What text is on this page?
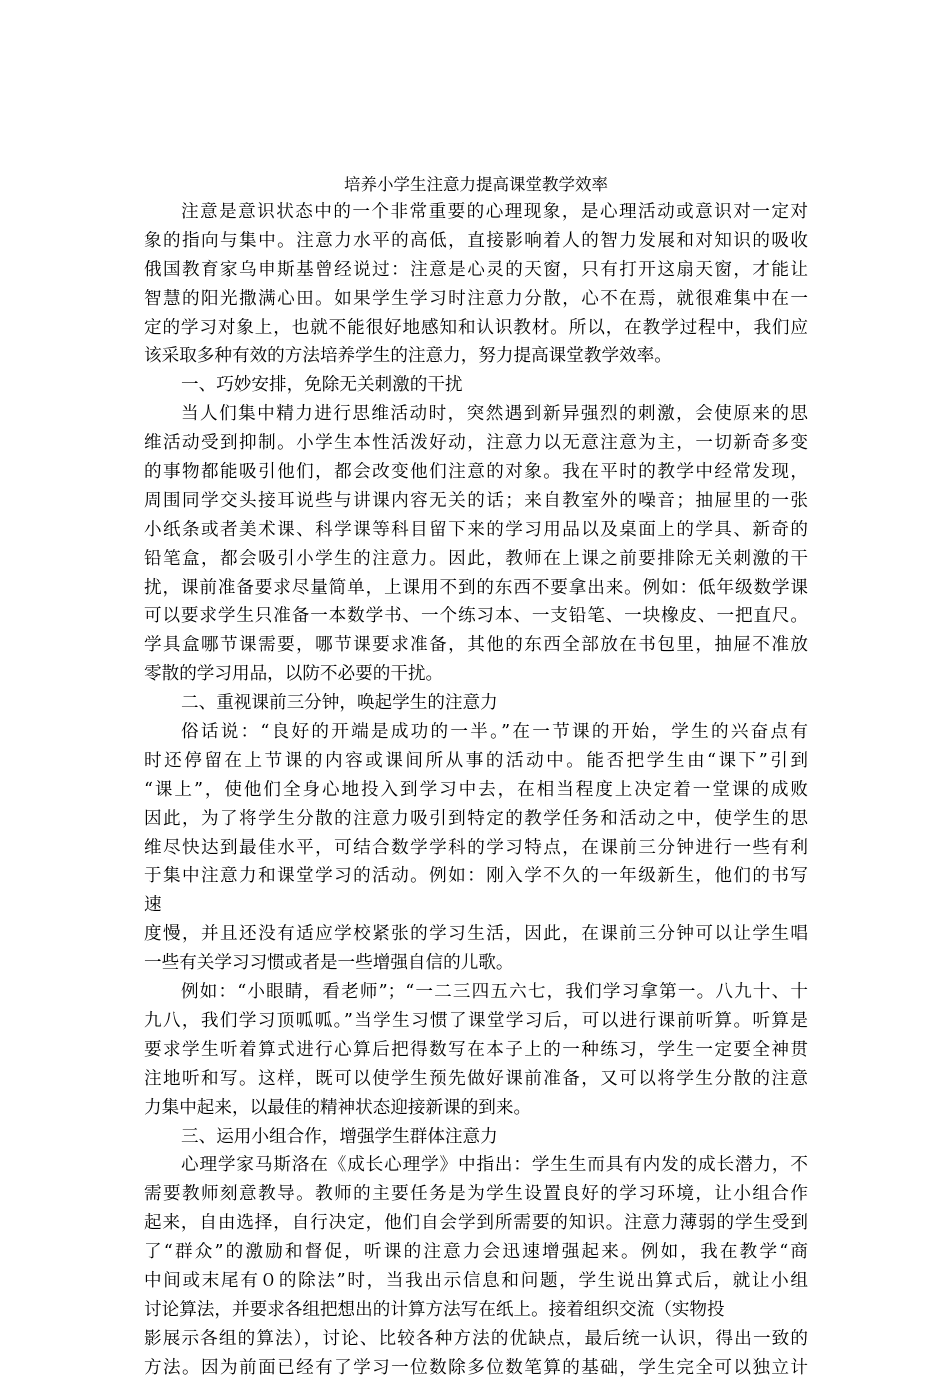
培养小学生注意力提高课堂教学效率
注意是意识状态中的一个非常重要的心理现象，是心理活动或意识对一定对
象的指向与集中。注意力水平的高低，直接影响着人的智力发展和对知识的吸收
俄国教育家乌申斯基曾经说过：注意是心灵的天窗，只有打开这扇天窗，才能让
智慧的阳光撒满心田。如果学生学习时注意力分散，心不在焉，就很难集中在一
定的学习对象上，也就不能很好地感知和认识教材。所以，在教学过程中，我们应
该采取多种有效的方法培养学生的注意力，努力提高课堂教学效率。
一、巧妙安排，免除无关刺激的干扰
当人们集中精力进行思维活动时，突然遇到新异强烈的刺激，会使原来的思
维活动受到抑制。小学生本性活泼好动，注意力以无意注意为主，一切新奇多变
的事物都能吸引他们，都会改变他们注意的对象。我在平时的教学中经常发现，
周围同学交头接耳说些与讲课内容无关的话；来自教室外的噪音；抽屉里的一张
小纸条或者美术课、科学课等科目留下来的学习用品以及桌面上的学具、新奇的
铅笔盒，都会吸引小学生的注意力。因此，教师在上课之前要排除无关刺激的干
扰，课前准备要求尽量简单，上课用不到的东西不要拿出来。例如：低年级数学课
可以要求学生只准备一本数学书、一个练习本、一支铅笔、一块橡皮、一把直尺。
学具盒哪节课需要，哪节课要求准备，其他的东西全部放在书包里，抽屉不准放
零散的学习用品，以防不必要的干扰。
二、重视课前三分钟，唤起学生的注意力
俗话说：“良好的开端是成功的一半。”在一节课的开始，学生的兴奋点有
时还停留在上节课的内容或课间所从事的活动中。能否把学生由“课下”引到
“课上”，使他们全身心地投入到学习中去，在相当程度上决定着一堂课的成败
因此，为了将学生分散的注意力吸引到特定的教学任务和活动之中，使学生的思
维尽快达到最佳水平，可结合数学学科的学习特点，在课前三分钟进行一些有利
于集中注意力和课堂学习的活动。例如：刚入学不久的一年级新生，他们的书写
速
度慢，并且还没有适应学校紧张的学习生活，因此，在课前三分钟可以让学生唱
一些有关学习习惯或者是一些增强自信的儿歌。
例如：“小眼睛，看老师”；“一二三四五六七，我们学习拿第一。八九十、十
九八，我们学习顶呱呱。”当学生习惯了课堂学习后，可以进行课前听算。听算是
要求学生听着算式进行心算后把得数写在本子上的一种练习，学生一定要全神贯
注地听和写。这样，既可以使学生预先做好课前准备，又可以将学生分散的注意
力集中起来，以最佳的精神状态迎接新课的到来。
三、运用小组合作，增强学生群体注意力
心理学家马斯洛在《成长心理学》中指出：学生生而具有内发的成长潜力，不
需要教师刻意教导。教师的主要任务是为学生设置良好的学习环境，让小组合作
起来，自由选择，自行决定，他们自会学到所需要的知识。注意力薄弱的学生受到
了“群众”的激励和督促，听课的注意力会迅速增强起来。例如，我在教学“商
中间或末尾有０的除法”时，当我出示信息和问题，学生说出算式后，就让小组
讨论算法，并要求各组把想出的计算方法写在纸上。接着组织交流（实物投
影展示各组的算法），讨论、比较各种方法的优缺点，最后统一认识，得出一致的
方法。因为前面已经有了学习一位数除多位数笔算的基础，学生完全可以独立计
